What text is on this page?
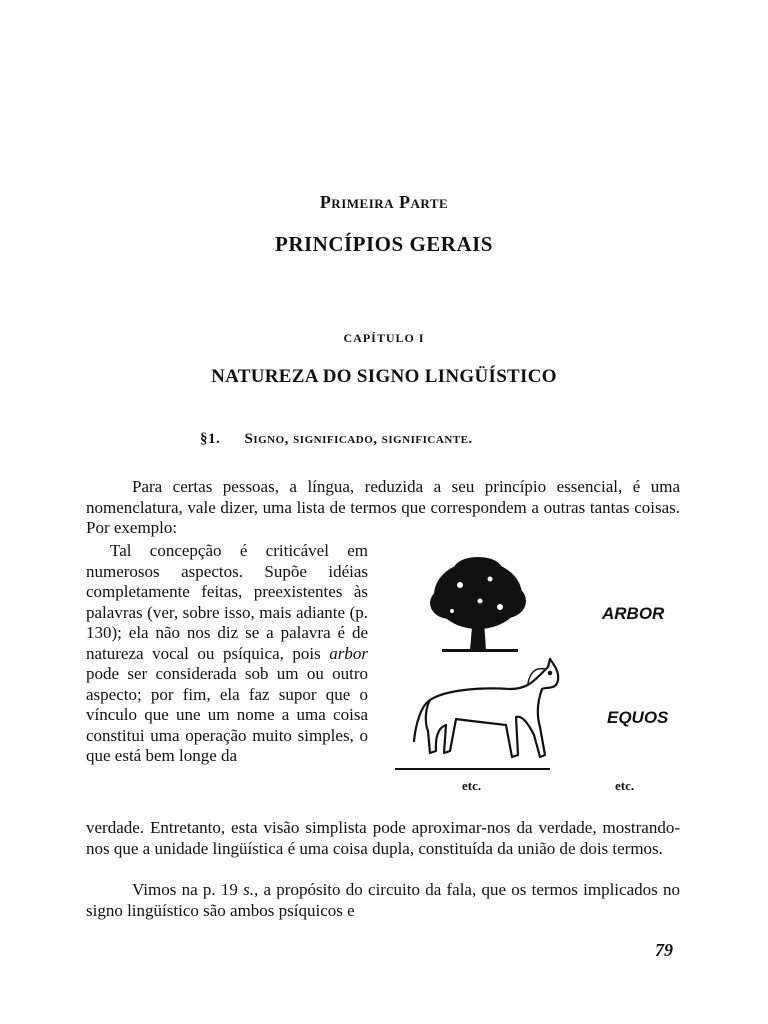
Primeira Parte
PRINCÍPIOS GERAIS
CAPÍTULO I
NATUREZA DO SIGNO LINGÜÍSTICO
§1. Signo, significado, significante.
Para certas pessoas, a língua, reduzida a seu princípio essencial, é uma nomenclatura, vale dizer, uma lista de termos que correspondem a outras tantas coisas. Por exemplo:
Tal concepção é criticável em numerosos aspectos. Supõe idéias completamente feitas, preexistentes às palavras (ver, sobre isso, mais adiante (p. 130); ela não nos diz se a palavra é de natureza vocal ou psíquica, pois arbor pode ser considerada sob um ou outro aspecto; por fim, ela faz supor que o vínculo que une um nome a uma coisa constitui uma operação muito simples, o que está bem longe da
ARBOR
EQUOS
etc.	etc.
verdade. Entretanto, esta visão simplista pode aproximar-nos da verdade, mostrando-nos que a unidade lingüística é uma coisa dupla, constituída da união de dois termos.
Vimos na p. 19 s., a propósito do circuito da fala, que os termos implicados no signo lingüístico são ambos psíquicos e
79
